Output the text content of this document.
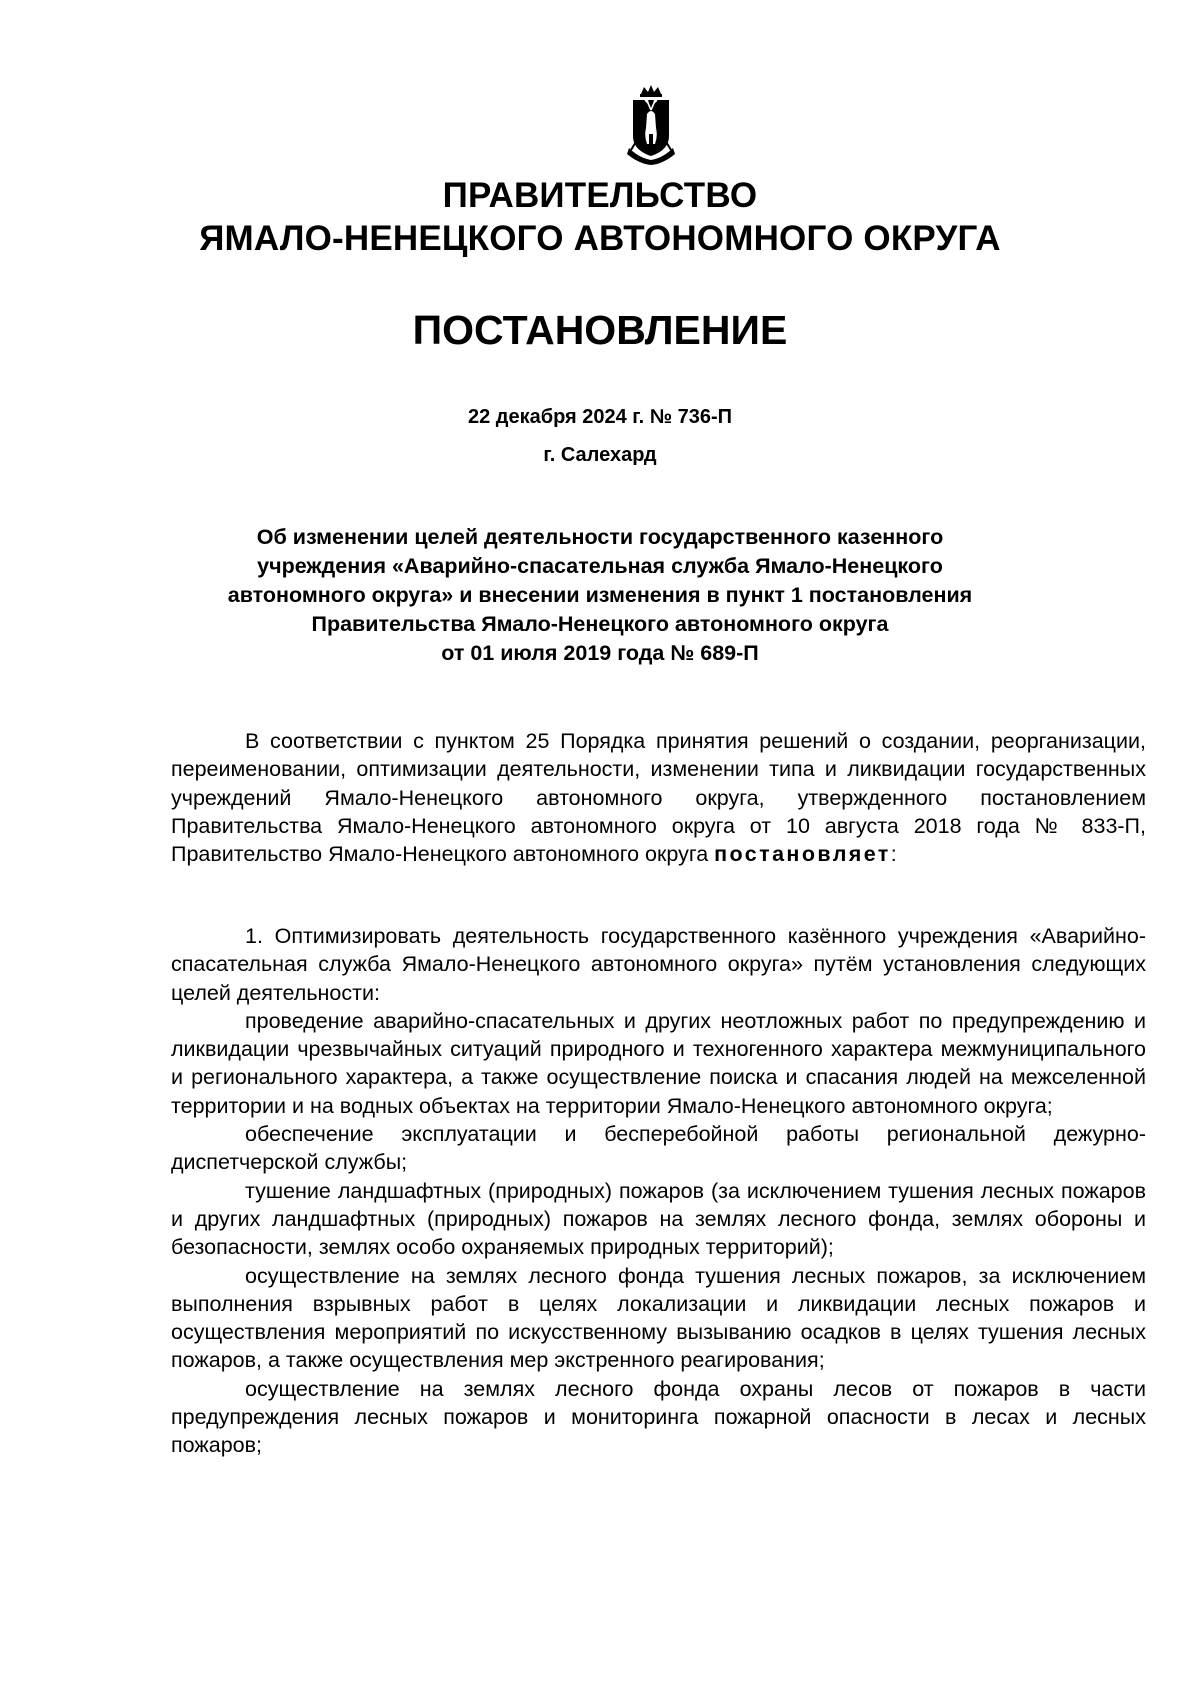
ПРАВИТЕЛЬСТВО
ЯМАЛО-НЕНЕЦКОГО АВТОНОМНОГО ОКРУГА
ПОСТАНОВЛЕНИЕ
22 декабря 2024 г. № 736-П
г. Салехард
Об изменении целей деятельности государственного казенного
учреждения «Аварийно-спасательная служба Ямало-Ненецкого
автономного округа» и внесении изменения в пункт 1 постановления
Правительства Ямало-Ненецкого автономного округа
от 01 июля 2019 года № 689-П

В соответствии с пунктом 25 Порядка принятия решений о создании, реорганизации, переименовании, оптимизации деятельности, изменении типа и ликвидации государственных учреждений Ямало-Ненецкого автономного округа, утвержденного постановлением Правительства Ямало-Ненецкого автономного округа от 10 августа 2018 года № 833-П, Правительство Ямало-Ненецкого автономного округа постановляет:

1. Оптимизировать деятельность государственного казённого учреждения «Аварийно-спасательная служба Ямало-Ненецкого автономного округа» путём установления следующих целей деятельности:

проведение аварийно-спасательных и других неотложных работ по предупреждению и ликвидации чрезвычайных ситуаций природного и техногенного характера межмуниципального и регионального характера, а также осуществление поиска и спасания людей на межселенной территории и на водных объектах на территории Ямало-Ненецкого автономного округа;

обеспечение эксплуатации и бесперебойной работы региональной дежурно-диспетчерской службы;

тушение ландшафтных (природных) пожаров (за исключением тушения лесных пожаров и других ландшафтных (природных) пожаров на землях лесного фонда, землях обороны и безопасности, землях особо охраняемых природных территорий);

осуществление на землях лесного фонда тушения лесных пожаров, за исключением выполнения взрывных работ в целях локализации и ликвидации лесных пожаров и осуществления мероприятий по искусственному вызыванию осадков в целях тушения лесных пожаров, а также осуществления мер экстренного реагирования;

осуществление на землях лесного фонда охраны лесов от пожаров в части предупреждения лесных пожаров и мониторинга пожарной опасности в лесах и лесных пожаров;
